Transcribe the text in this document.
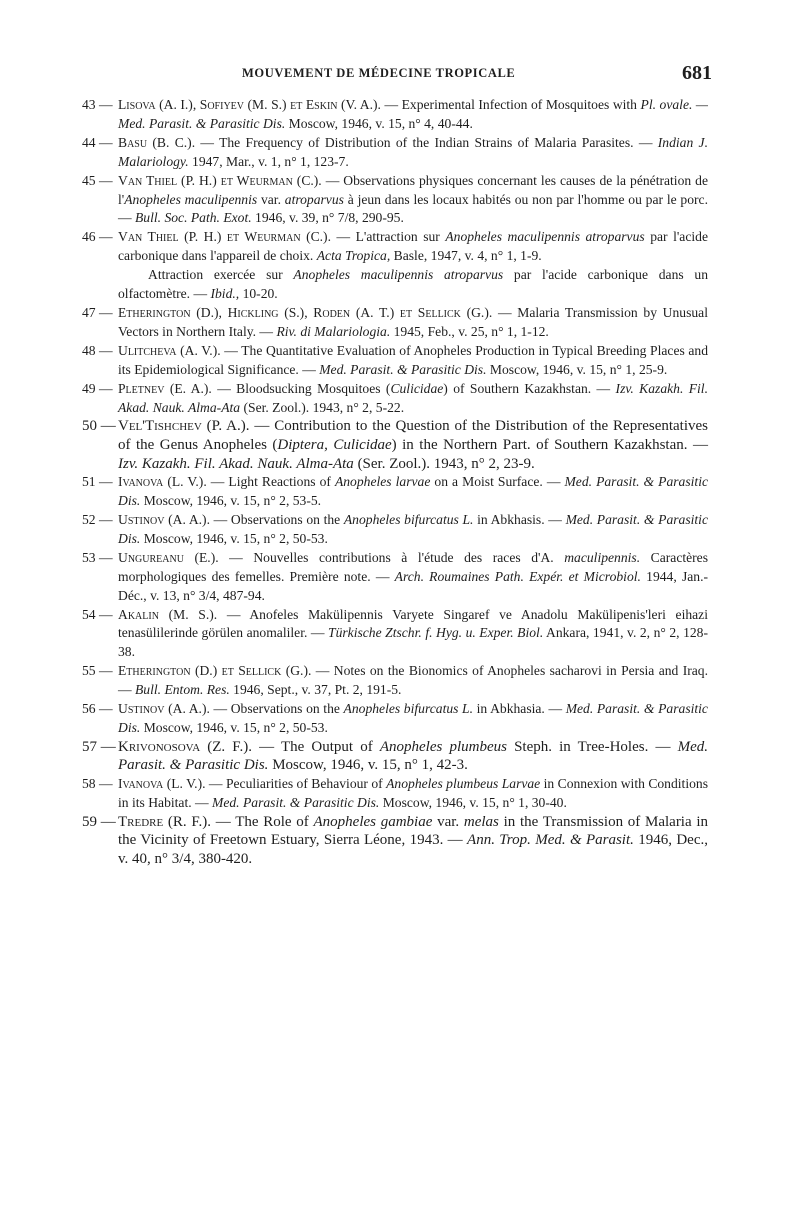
MOUVEMENT DE MÉDECINE TROPICALE	681
43 — Lisova (A. I.), Sofiyev (M. S.) et Eskin (V. A.). — Experimental Infection of Mosquitoes with Pl. ovale. — Med. Parasit. & Parasitic Dis. Moscow, 1946, v. 15, n° 4, 40-44.
44 — Basu (B. C.). — The Frequency of Distribution of the Indian Strains of Malaria Parasites. — Indian J. Malariology. 1947, Mar., v. 1, n° 1, 123-7.
45 — Van Thiel (P. H.) et Weurman (C.). — Observations physiques concernant les causes de la pénétration de l'Anopheles maculipennis var. atroparvus à jeun dans les locaux habités ou non par l'homme ou par le porc. — Bull. Soc. Path. Exot. 1946, v. 39, n° 7/8, 290-95.
46 — Van Thiel (P. H.) et Weurman (C.). — L'attraction sur Anopheles maculipennis atroparvus par l'acide carbonique dans l'appareil de choix. Acta Tropica, Basle, 1947, v. 4, n° 1, 1-9.
Attraction exercée sur Anopheles maculipennis atroparvus par l'acide carbonique dans un olfactomètre. — Ibid., 10-20.
47 — Etherington (D.), Hickling (S.), Roden (A. T.) et Sellick (G.). — Malaria Transmission by Unusual Vectors in Northern Italy. — Riv. di Malariologia. 1945, Feb., v. 25, n° 1, 1-12.
48 — Ulitcheva (A. V.). — The Quantitative Evaluation of Anopheles Production in Typical Breeding Places and its Epidemiological Significance. — Med. Parasit. & Parasitic Dis. Moscow, 1946, v. 15, n° 1, 25-9.
49 — Pletnev (E. A.). — Bloodsucking Mosquitoes (Culicidae) of Southern Kazakhstan. — Izv. Kazakh. Fil. Akad. Nauk. Alma-Ata (Ser. Zool.). 1943, n° 2, 5-22.
50 — Vel'Tishchev (P. A.). — Contribution to the Question of the Distribution of the Representatives of the Genus Anopheles (Diptera, Culicidae) in the Northern Part. of Southern Kazakhstan. — Izv. Kazakh. Fil. Akad. Nauk. Alma-Ata (Ser. Zool.). 1943, n° 2, 23-9.
51 — Ivanova (L. V.). — Light Reactions of Anopheles larvae on a Moist Surface. — Med. Parasit. & Parasitic Dis. Moscow, 1946, v. 15, n° 2, 53-5.
52 — Ustinov (A. A.). — Observations on the Anopheles bifurcatus L. in Abkhasis. — Med. Parasit. & Parasitic Dis. Moscow, 1946, v. 15, n° 2, 50-53.
53 — Ungureanu (E.). — Nouvelles contributions à l'étude des races d'A. maculipennis. Caractères morphologiques des femelles. Première note. — Arch. Roumaines Path. Expér. et Microbiol. 1944, Jan.-Déc., v. 13, n° 3/4, 487-94.
54 — Akalin (M. S.). — Anofeles Makülipennis Varyete Singaref ve Anadolu Makülipenis'leri eihazi tenasülilerinde görülen anomaliler. — Türkische Ztschr. f. Hyg. u. Exper. Biol. Ankara, 1941, v. 2, n° 2, 128-38.
55 — Etherington (D.) et Sellick (G.). — Notes on the Bionomics of Anopheles sacharovi in Persia and Iraq. — Bull. Entom. Res. 1946, Sept., v. 37, Pt. 2, 191-5.
56 — Ustinov (A. A.). — Observations on the Anopheles bifurcatus L. in Abkhasia. — Med. Parasit. & Parasitic Dis. Moscow, 1946, v. 15, n° 2, 50-53.
57 — Krivonosova (Z. F.). — The Output of Anopheles plumbeus Steph. in Tree-Holes. — Med. Parasit. & Parasitic Dis. Moscow, 1946, v. 15, n° 1, 42-3.
58 — Ivanova (L. V.). — Peculiarities of Behaviour of Anopheles plumbeus Larvae in Connexion with Conditions in its Habitat. — Med. Parasit. & Parasitic Dis. Moscow, 1946, v. 15, n° 1, 30-40.
59 — Tredre (R. F.). — The Role of Anopheles gambiae var. melas in the Transmission of Malaria in the Vicinity of Freetown Estuary, Sierra Léone, 1943. — Ann. Trop. Med. & Parasit. 1946, Dec., v. 40, n° 3/4, 380-420.
